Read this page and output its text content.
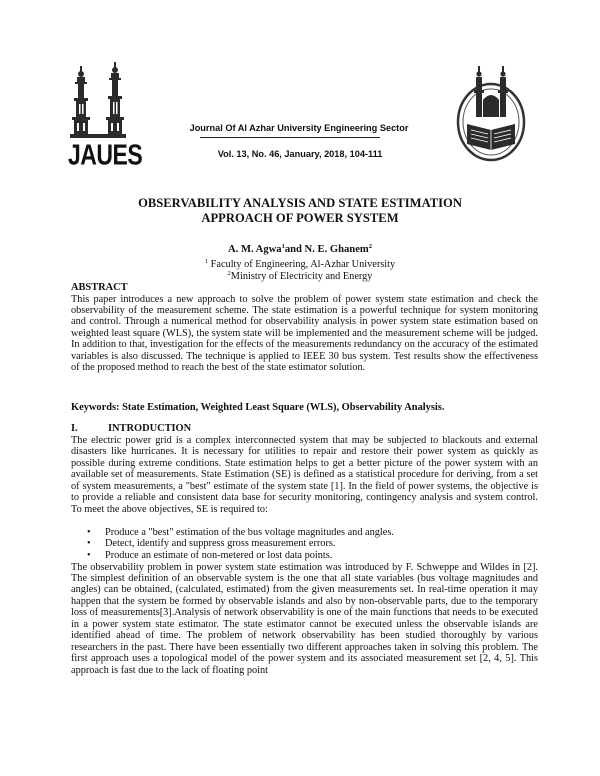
JAUES
Journal Of Al Azhar University Engineering Sector
Vol. 13, No. 46, January, 2018, 104-111
OBSERVABILITY ANALYSIS AND STATE ESTIMATION
APPROACH OF POWER SYSTEM
A. M. Agwa$^1$and N. E. Ghanem$^2$
$^1$ Faculty of Engineering, Al-Azhar University
$^2$Ministry of Electricity and Energy
ABSTRACT
This paper introduces a new approach to solve the problem of power system state estimation and check the observability of the measurement scheme. The state estimation is a powerful technique for system monitoring and control. Through a numerical method for observability analysis in power system state estimation based on weighted least square (WLS), the system state will be implemented and the measurement scheme will be judged. In addition to that, investigation for the effects of the measurements redundancy on the accuracy of the estimated variables is also discussed. The technique is applied to IEEE 30 bus system. Test results show the effectiveness of the proposed method to reach the best of the state estimator solution.
Keywords: State Estimation, Weighted Least Square (WLS), Observability Analysis.
I.	INTRODUCTION
The electric power grid is a complex interconnected system that may be subjected to blackouts and external disasters like hurricanes. It is necessary for utilities to repair and restore their power system as quickly as possible during extreme conditions. State estimation helps to get a better picture of the power system with an available set of measurements. State Estimation (SE) is defined as a statistical procedure for deriving, from a set of system measurements, a "best" estimate of the system state [1]. In the field of power systems, the objective is to provide a reliable and consistent data base for security monitoring, contingency analysis and system control. To meet the above objectives, SE is required to:
• Produce a "best" estimation of the bus voltage magnitudes and angles.
• Detect, identify and suppress gross measurement errors.
• Produce an estimate of non-metered or lost data points.
The observability problem in power system state estimation was introduced by F. Schweppe and Wildes in [2]. The simplest definition of an observable system is the one that all state variables (bus voltage magnitudes and angles) can be obtained, (calculated, estimated) from the given measurements set. In real-time operation it may happen that the system be formed by observable islands and also by non-observable parts, due to the temporary loss of measurements[3].Analysis of network observability is one of the main functions that needs to be executed in a power system state estimator. The state estimator cannot be executed unless the observable islands are identified ahead of time. The problem of network observability has been studied thoroughly by various researchers in the past. There have been essentially two different approaches taken in solving this problem. The first approach uses a topological model of the power system and its associated measurement set [2, 4, 5]. This approach is fast due to the lack of floating point
